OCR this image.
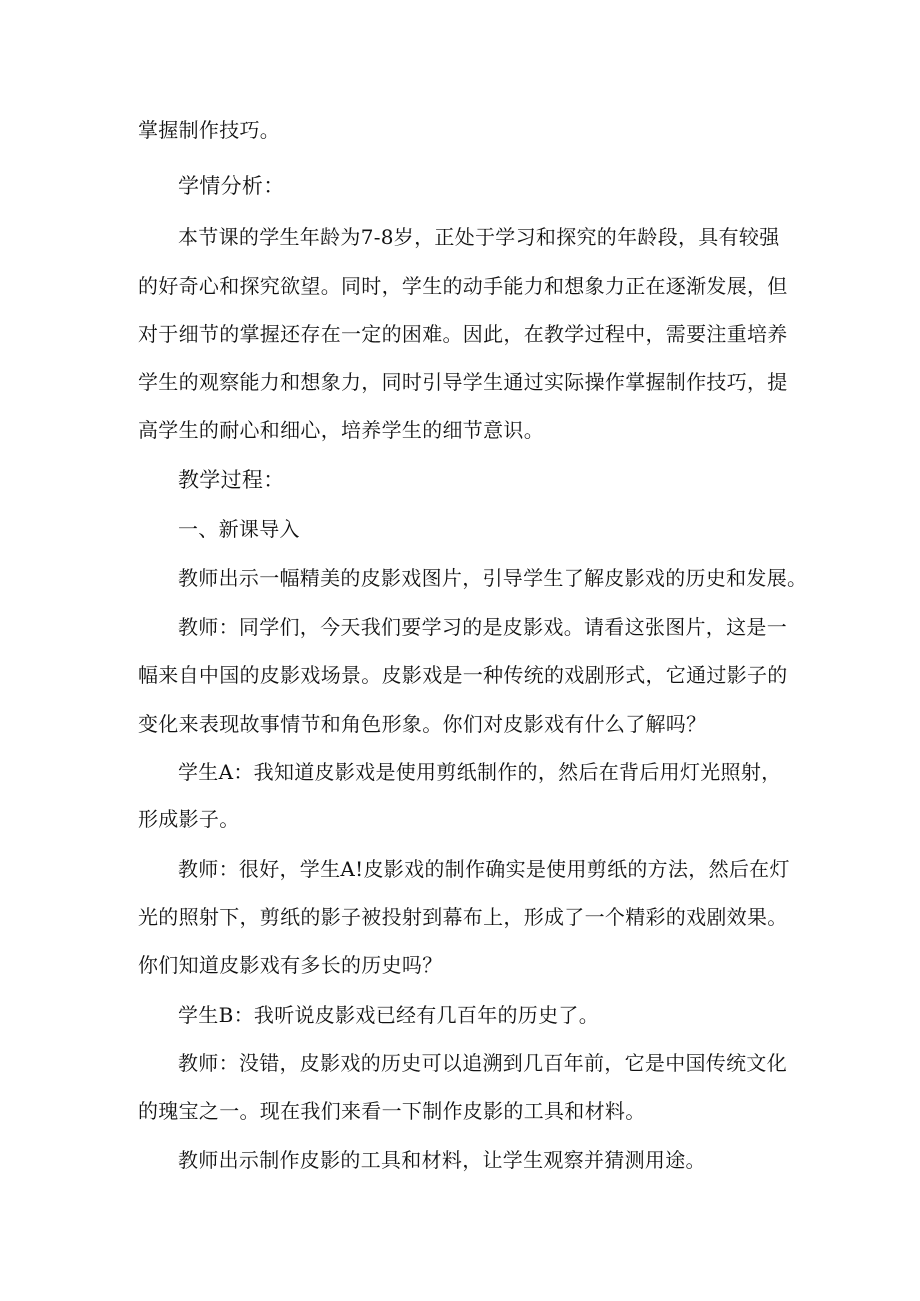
掌握制作技巧。
学情分析：
本节课的学生年龄为7-8岁，正处于学习和探究的年龄段，具有较强
的好奇心和探究欲望。同时，学生的动手能力和想象力正在逐渐发展，但
对于细节的掌握还存在一定的困难。因此，在教学过程中，需要注重培养
学生的观察能力和想象力，同时引导学生通过实际操作掌握制作技巧，提
高学生的耐心和细心，培养学生的细节意识。
教学过程：
一、新课导入
教师出示一幅精美的皮影戏图片，引导学生了解皮影戏的历史和发展。
教师：同学们，今天我们要学习的是皮影戏。请看这张图片，这是一
幅来自中国的皮影戏场景。皮影戏是一种传统的戏剧形式，它通过影子的
变化来表现故事情节和角色形象。你们对皮影戏有什么了解吗？
学生A：我知道皮影戏是使用剪纸制作的，然后在背后用灯光照射，
形成影子。
教师：很好，学生A!皮影戏的制作确实是使用剪纸的方法，然后在灯
光的照射下，剪纸的影子被投射到幕布上，形成了一个精彩的戏剧效果。
你们知道皮影戏有多长的历史吗？
学生B：我听说皮影戏已经有几百年的历史了。
教师：没错，皮影戏的历史可以追溯到几百年前，它是中国传统文化
的瑰宝之一。现在我们来看一下制作皮影的工具和材料。
教师出示制作皮影的工具和材料，让学生观察并猜测用途。
